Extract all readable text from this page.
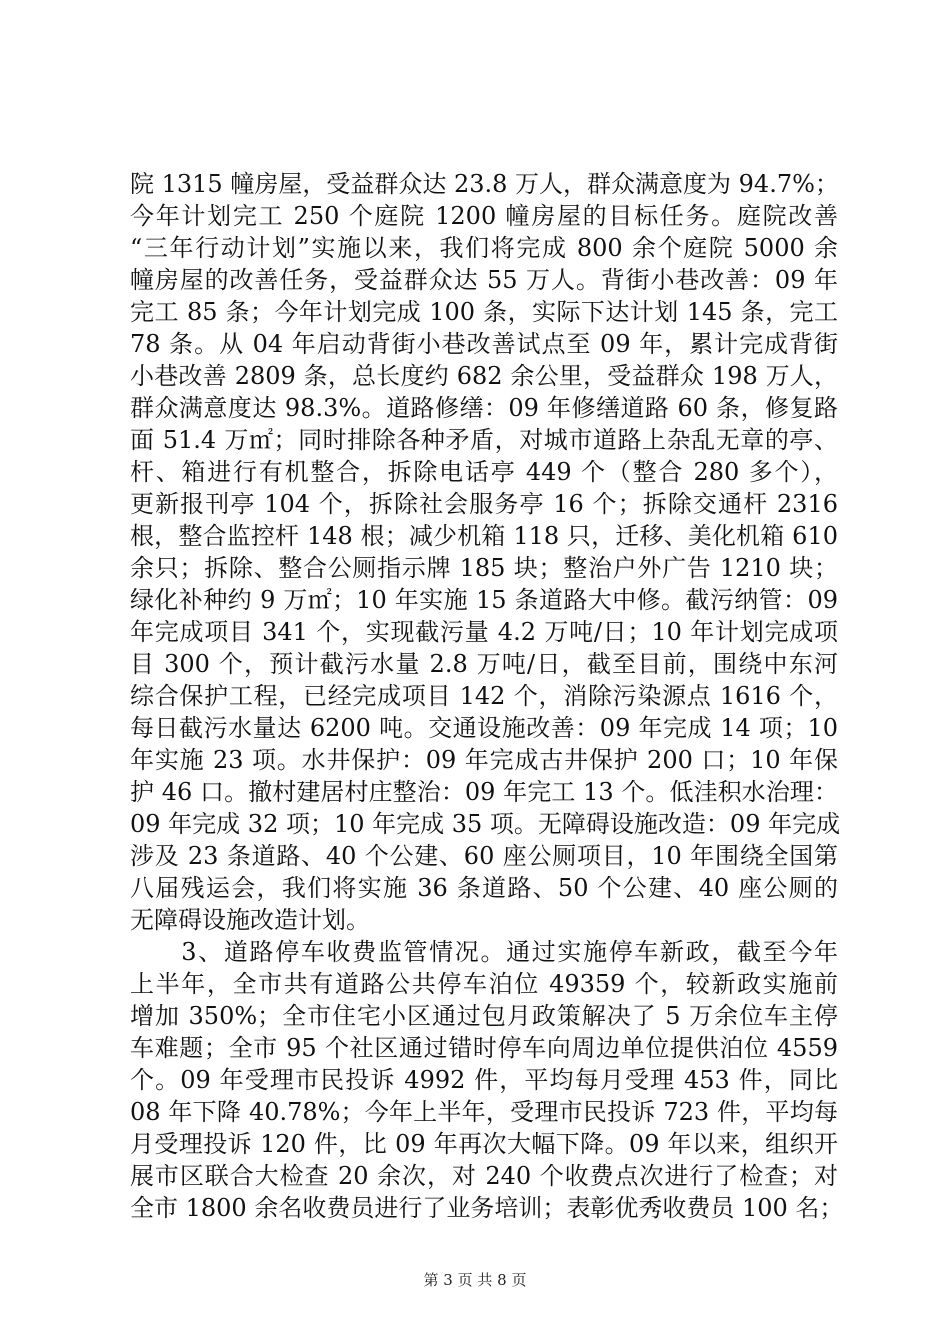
院 1315 幢房屋，受益群众达 23.8 万人，群众满意度为 94.7%；
今年计划完工 250 个庭院 1200 幢房屋的目标任务。庭院改善
“三年行动计划”实施以来，我们将完成 800 余个庭院 5000 余
幢房屋的改善任务，受益群众达 55 万人。背街小巷改善：09 年
完工 85 条；今年计划完成 100 条，实际下达计划 145 条，完工
78 条。从 04 年启动背街小巷改善试点至 09 年，累计完成背街
小巷改善 2809 条，总长度约 682 余公里，受益群众 198 万人，
群众满意度达 98.3%。道路修缮：09 年修缮道路 60 条，修复路
面 51.4 万㎡；同时排除各种矛盾，对城市道路上杂乱无章的亭、
杆、箱进行有机整合，拆除电话亭 449 个（整合 280 多个），
更新报刊亭 104 个，拆除社会服务亭 16 个；拆除交通杆 2316
根，整合监控杆 148 根；减少机箱 118 只，迁移、美化机箱 610
余只；拆除、整合公厕指示牌 185 块；整治户外广告 1210 块；
绿化补种约 9 万㎡；10 年实施 15 条道路大中修。截污纳管：09
年完成项目 341 个，实现截污量 4.2 万吨/日；10 年计划完成项
目 300 个，预计截污水量 2.8 万吨/日，截至目前，围绕中东河
综合保护工程，已经完成项目 142 个，消除污染源点 1616 个，
每日截污水量达 6200 吨。交通设施改善：09 年完成 14 项；10
年实施 23 项。水井保护：09 年完成古井保护 200 口；10 年保
护 46 口。撤村建居村庄整治：09 年完工 13 个。低洼积水治理：
09 年完成 32 项；10 年完成 35 项。无障碍设施改造：09 年完成
涉及 23 条道路、40 个公建、60 座公厕项目，10 年围绕全国第
八届残运会，我们将实施 36 条道路、50 个公建、40 座公厕的
无障碍设施改造计划。
　　3、道路停车收费监管情况。通过实施停车新政，截至今年
上半年，全市共有道路公共停车泊位 49359 个，较新政实施前
增加 350%；全市住宅小区通过包月政策解决了 5 万余位车主停
车难题；全市 95 个社区通过错时停车向周边单位提供泊位 4559
个。09 年受理市民投诉 4992 件，平均每月受理 453 件，同比
08 年下降 40.78%；今年上半年，受理市民投诉 723 件，平均每
月受理投诉 120 件，比 09 年再次大幅下降。09 年以来，组织开
展市区联合大检查 20 余次，对 240 个收费点次进行了检查；对
全市 1800 余名收费员进行了业务培训；表彰优秀收费员 100 名；
第 3 页 共 8 页
